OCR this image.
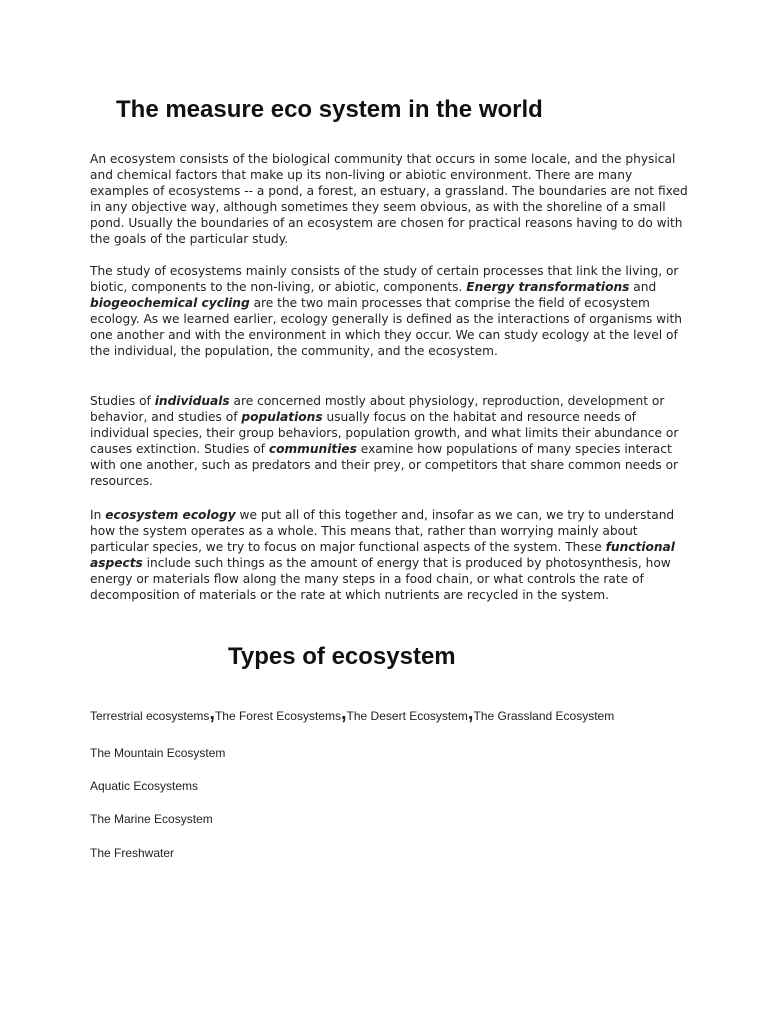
The measure eco system in the world

An ecosystem consists of the biological community that occurs in some locale, and the physical and chemical factors that make up its non-living or abiotic environment. There are many examples of ecosystems -- a pond, a forest, an estuary, a grassland. The boundaries are not fixed in any objective way, although sometimes they seem obvious, as with the shoreline of a small pond. Usually the boundaries of an ecosystem are chosen for practical reasons having to do with the goals of the particular study.

The study of ecosystems mainly consists of the study of certain processes that link the living, or biotic, components to the non-living, or abiotic, components. Energy transformations and biogeochemical cycling are the two main processes that comprise the field of ecosystem ecology. As we learned earlier, ecology generally is defined as the interactions of organisms with one another and with the environment in which they occur. We can study ecology at the level of the individual, the population, the community, and the ecosystem.

Studies of individuals are concerned mostly about physiology, reproduction, development or behavior, and studies of populations usually focus on the habitat and resource needs of individual species, their group behaviors, population growth, and what limits their abundance or causes extinction. Studies of communities examine how populations of many species interact with one another, such as predators and their prey, or competitors that share common needs or resources.

In ecosystem ecology we put all of this together and, insofar as we can, we try to understand how the system operates as a whole. This means that, rather than worrying mainly about particular species, we try to focus on major functional aspects of the system. These functional aspects include such things as the amount of energy that is produced by photosynthesis, how energy or materials flow along the many steps in a food chain, or what controls the rate of decomposition of materials or the rate at which nutrients are recycled in the system.

Types of ecosystem

Terrestrial ecosystems,The Forest Ecosystems,The Desert Ecosystem,The Grassland Ecosystem

The Mountain Ecosystem

Aquatic Ecosystems

The Marine Ecosystem

The Freshwater
